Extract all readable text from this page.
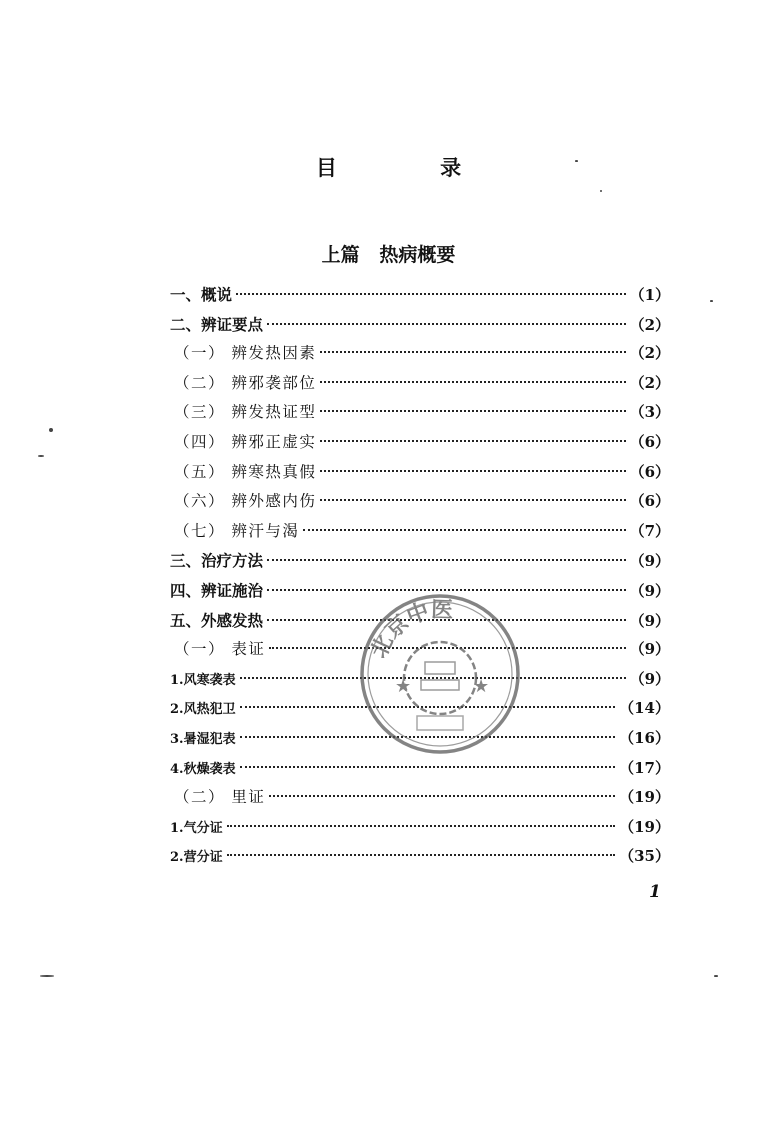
目 录
上篇   热病概要
一、概说	（1）
二、辨证要点	（2）
（一） 辨发热因素	（2）
（二） 辨邪袭部位	（2）
（三） 辨发热证型	（3）
（四） 辨邪正虚实	（6）
（五） 辨寒热真假	（6）
（六） 辨外感内伤	（6）
（七） 辨汗与渴	（7）
三、治疗方法	（9）
四、辨证施治	（9）
五、外感发热	（9）
（一） 表证	（9）
1.风寒袭表	（9）
2.风热犯卫	（14）
3.暑湿犯表	（16）
4.秋燥袭表	（17）
（二） 里证	（19）
1.气分证	（19）
2.营分证	（35）
北京中医
★	★
1
